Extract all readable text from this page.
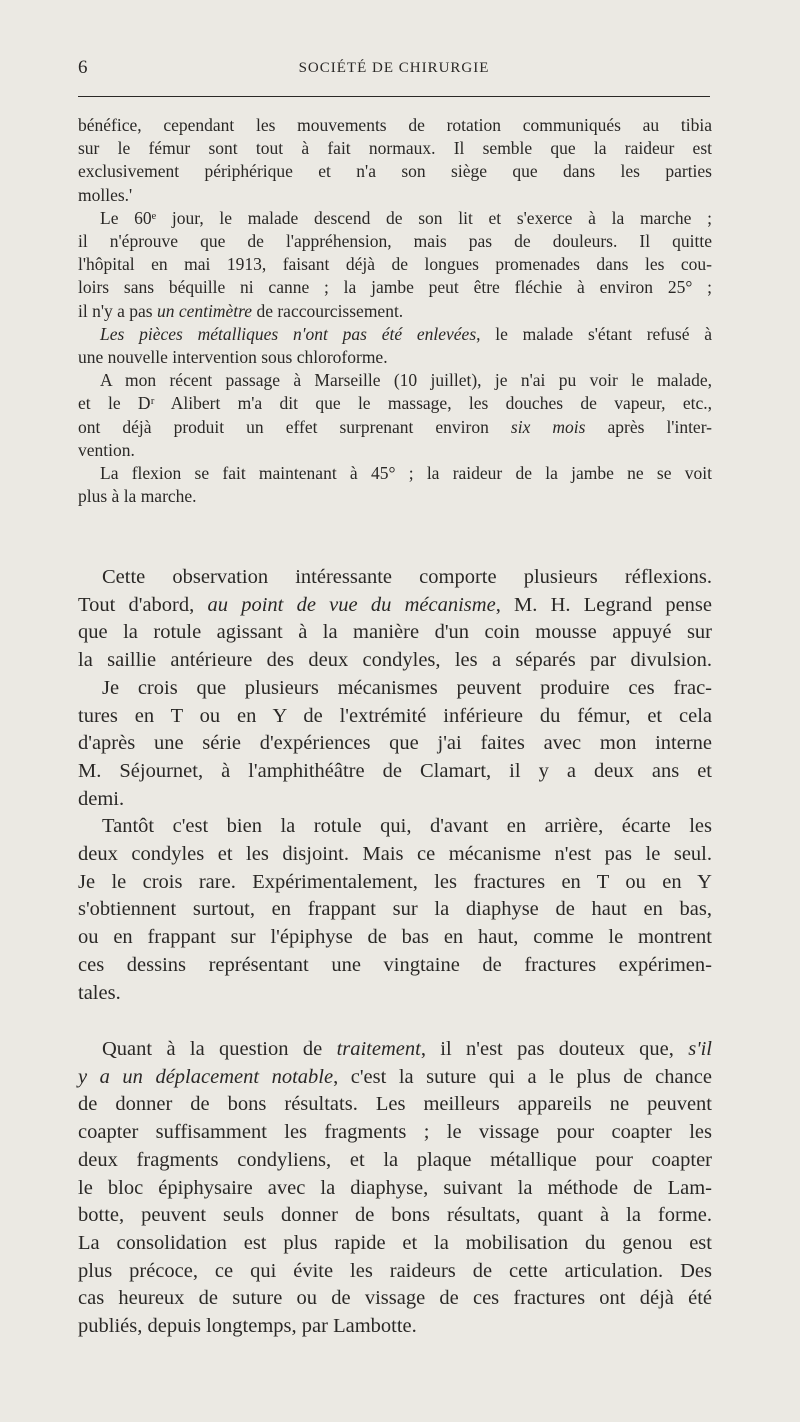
6	SOCIÉTÉ DE CHIRURGIE
bénéfice, cependant les mouvements de rotation communiqués au tibia
sur le fémur sont tout à fait normaux. Il semble que la raideur est
exclusivement périphérique et n'a son siège que dans les parties
molles.'
Le 60ᵉ jour, le malade descend de son lit et s'exerce à la marche ;
il n'éprouve que de l'appréhension, mais pas de douleurs. Il quitte
l'hôpital en mai 1913, faisant déjà de longues promenades dans les cou-
loirs sans béquille ni canne ; la jambe peut être fléchie à environ 25° ;
il n'y a pas un centimètre de raccourcissement.
Les pièces métalliques n'ont pas été enlevées, le malade s'étant refusé à
une nouvelle intervention sous chloroforme.
A mon récent passage à Marseille (10 juillet), je n'ai pu voir le malade,
et le Dʳ Alibert m'a dit que le massage, les douches de vapeur, etc.,
ont déjà produit un effet surprenant environ six mois après l'inter-
vention.
La flexion se fait maintenant à 45° ; la raideur de la jambe ne se voit
plus à la marche.
Cette observation intéressante comporte plusieurs réflexions.
Tout d'abord, au point de vue du mécanisme, M. H. Legrand pense
que la rotule agissant à la manière d'un coin mousse appuyé sur
la saillie antérieure des deux condyles, les a séparés par divulsion.
Je crois que plusieurs mécanismes peuvent produire ces frac-
tures en T ou en Y de l'extrémité inférieure du fémur, et cela
d'après une série d'expériences que j'ai faites avec mon interne
M. Séjournet, à l'amphithéâtre de Clamart, il y a deux ans et
demi.
Tantôt c'est bien la rotule qui, d'avant en arrière, écarte les
deux condyles et les disjoint. Mais ce mécanisme n'est pas le seul.
Je le crois rare. Expérimentalement, les fractures en T ou en Y
s'obtiennent surtout, en frappant sur la diaphyse de haut en bas,
ou en frappant sur l'épiphyse de bas en haut, comme le montrent
ces dessins représentant une vingtaine de fractures expérimen-
tales.
Quant à la question de traitement, il n'est pas douteux que, s'il
y a un déplacement notable, c'est la suture qui a le plus de chance
de donner de bons résultats. Les meilleurs appareils ne peuvent
coapter suffisamment les fragments ; le vissage pour coapter les
deux fragments condyliens, et la plaque métallique pour coapter
le bloc épiphysaire avec la diaphyse, suivant la méthode de Lam-
botte, peuvent seuls donner de bons résultats, quant à la forme.
La consolidation est plus rapide et la mobilisation du genou est
plus précoce, ce qui évite les raideurs de cette articulation. Des
cas heureux de suture ou de vissage de ces fractures ont déjà été
publiés, depuis longtemps, par Lambotte.
